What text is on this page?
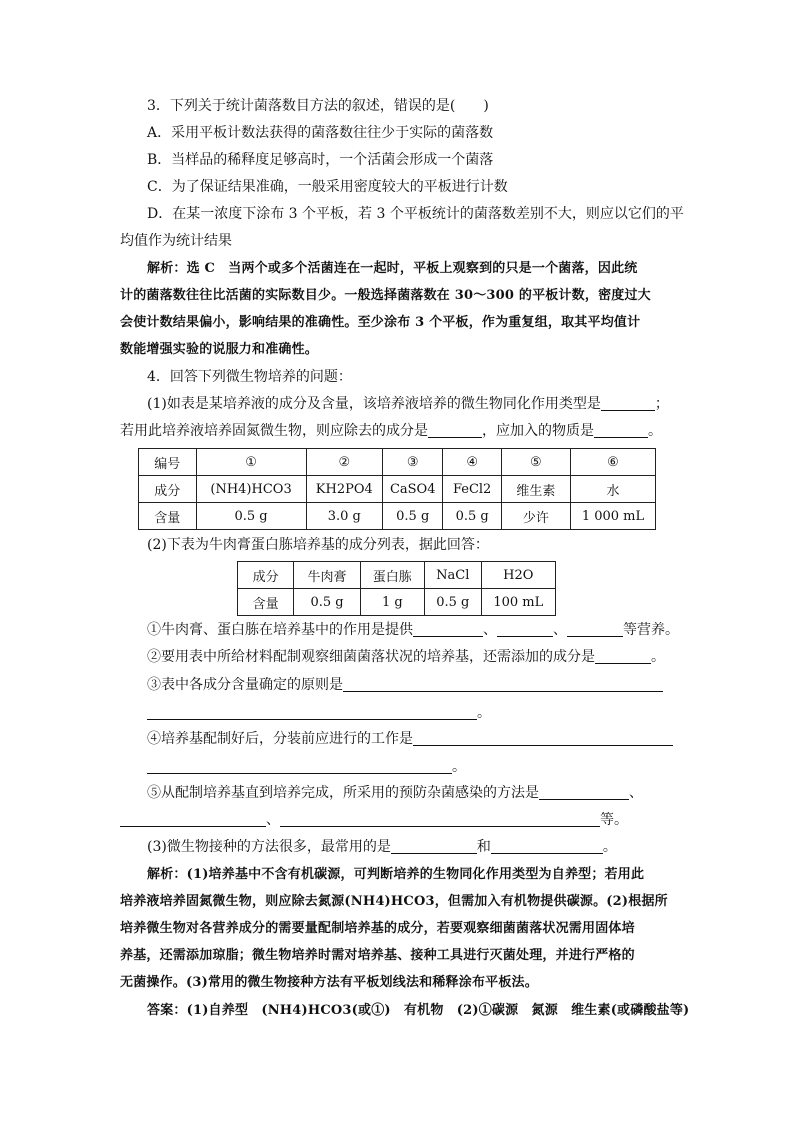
3．下列关于统计菌落数目方法的叙述，错误的是(　　)
A．采用平板计数法获得的菌落数往往少于实际的菌落数
B．当样品的稀释度足够高时，一个活菌会形成一个菌落
C．为了保证结果准确，一般采用密度较大的平板进行计数
D．在某一浓度下涂布 3 个平板，若 3 个平板统计的菌落数差别不大，则应以它们的平
均值作为统计结果
解析：选 C　当两个或多个活菌连在一起时，平板上观察到的只是一个菌落，因此统
计的菌落数往往比活菌的实际数目少。一般选择菌落数在 30～300 的平板计数，密度过大
会使计数结果偏小，影响结果的准确性。至少涂布 3 个平板，作为重复组，取其平均值计
数能增强实验的说服力和准确性。
4．回答下列微生物培养的问题：
(1)如表是某培养液的成分及含量，该培养液培养的微生物同化作用类型是	；
若用此培养液培养固氮微生物，则应除去的成分是	，应加入的物质是	。
编号	①	②	③	④	⑤	⑥
成分	(NH4)HCO3	KH2PO4	CaSO4	FeCl2	维生素	水
含量	0.5 g	3.0 g	0.5 g	0.5 g	少许	1 000 mL
(2)下表为牛肉膏蛋白胨培养基的成分列表，据此回答：
成分	牛肉膏	蛋白胨	NaCl	H2O
含量	0.5 g	1 g	0.5 g	100 mL
①牛肉膏、蛋白胨在培养基中的作用是提供	、	、	等营养。
②要用表中所给材料配制观察细菌菌落状况的培养基，还需添加的成分是	。
③表中各成分含量确定的原则是
。
④培养基配制好后，分装前应进行的工作是
。
⑤从配制培养基直到培养完成，所采用的预防杂菌感染的方法是	、
、	等。
(3)微生物接种的方法很多，最常用的是	和	。
解析：(1)培养基中不含有机碳源，可判断培养的生物同化作用类型为自养型；若用此
培养液培养固氮微生物，则应除去氮源(NH4)HCO3，但需加入有机物提供碳源。(2)根据所
培养微生物对各营养成分的需要量配制培养基的成分，若要观察细菌菌落状况需用固体培
养基，还需添加琼脂；微生物培养时需对培养基、接种工具进行灭菌处理，并进行严格的
无菌操作。(3)常用的微生物接种方法有平板划线法和稀释涂布平板法。
答案：(1)自养型　(NH4)HCO3(或①)　有机物　(2)①碳源　氮源　维生素(或磷酸盐等)
